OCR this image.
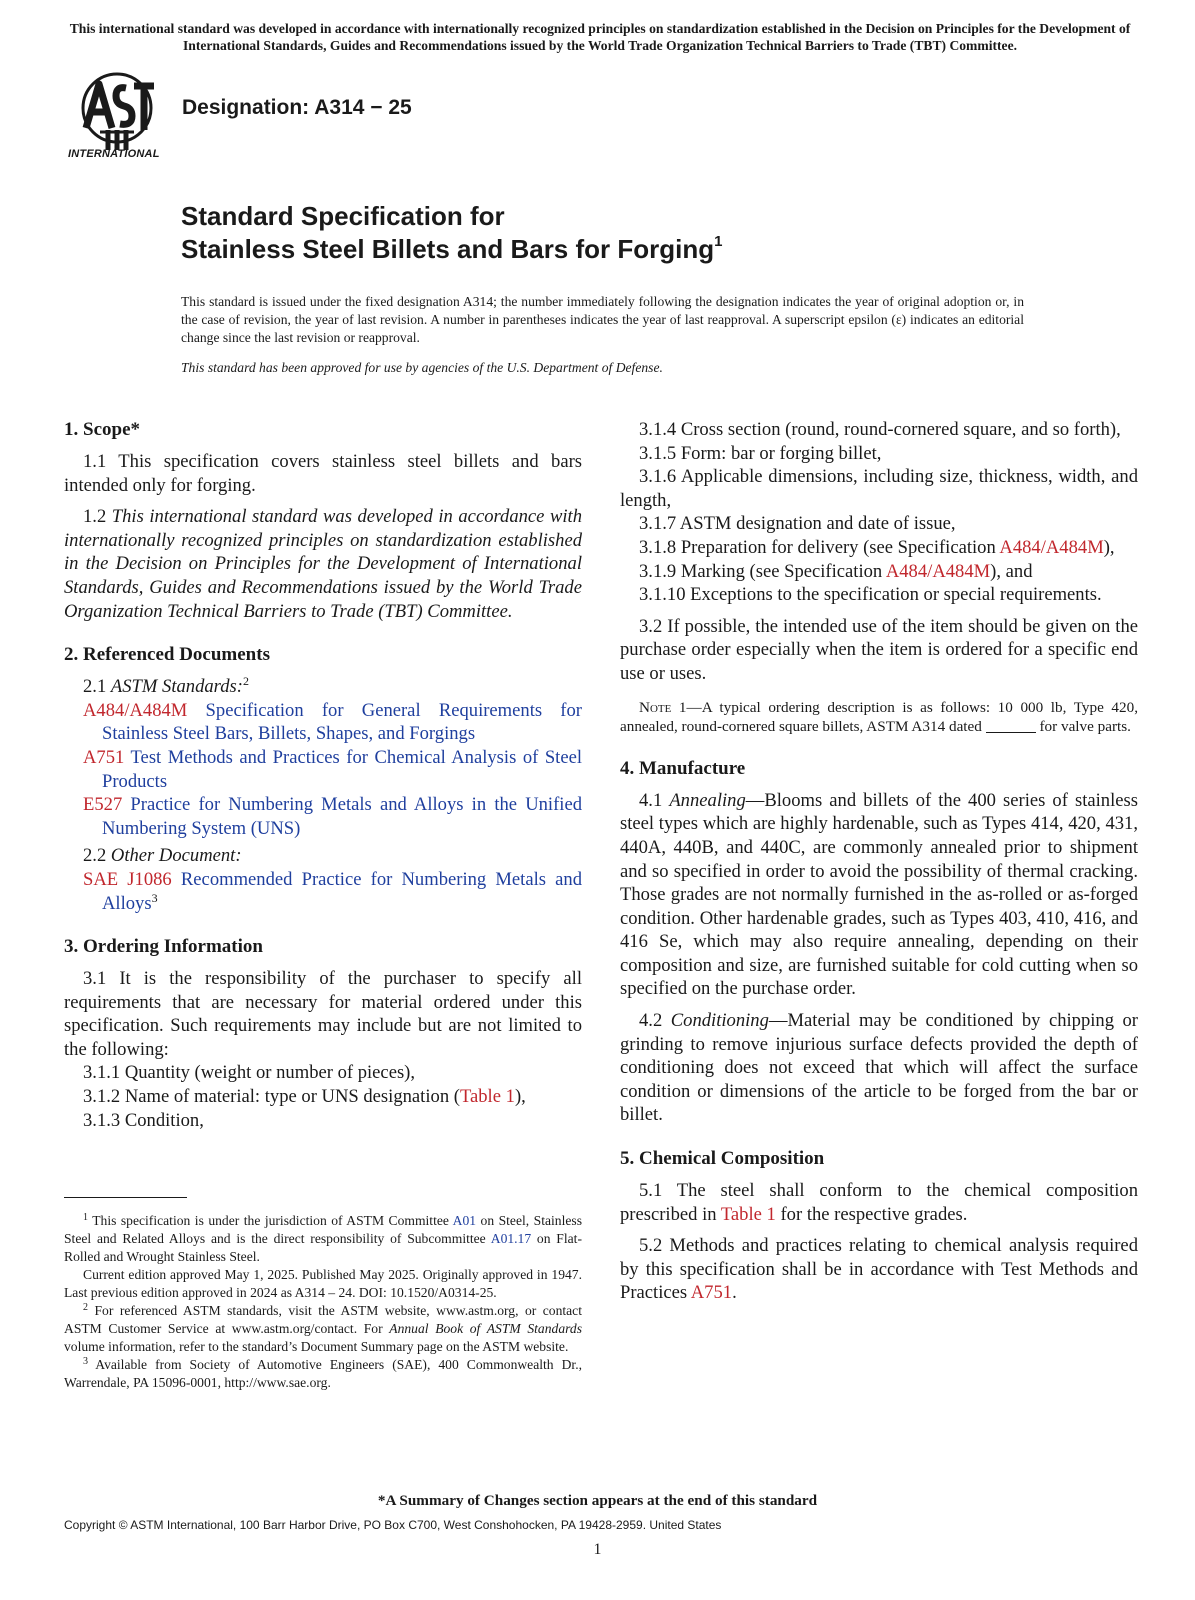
This international standard was developed in accordance with internationally recognized principles on standardization established in the Decision on Principles for the Development of International Standards, Guides and Recommendations issued by the World Trade Organization Technical Barriers to Trade (TBT) Committee.
INTERNATIONAL
Designation: A314 − 25
Standard Specification for
Stainless Steel Billets and Bars for Forging$^1$
This standard is issued under the fixed designation A314; the number immediately following the designation indicates the year of original adoption or, in the case of revision, the year of last revision. A number in parentheses indicates the year of last reapproval. A superscript epsilon (ε) indicates an editorial change since the last revision or reapproval.
This standard has been approved for use by agencies of the U.S. Department of Defense.
1. Scope*

1.1 This specification covers stainless steel billets and bars intended only for forging.

1.2 This international standard was developed in accordance with internationally recognized principles on standardization established in the Decision on Principles for the Development of International Standards, Guides and Recommendations issued by the World Trade Organization Technical Barriers to Trade (TBT) Committee.

2. Referenced Documents

2.1 ASTM Standards:$^2$

A484/A484M Specification for General Requirements for Stainless Steel Bars, Billets, Shapes, and Forgings

A751 Test Methods and Practices for Chemical Analysis of Steel Products

E527 Practice for Numbering Metals and Alloys in the Unified Numbering System (UNS)

2.2 Other Document:

SAE J1086 Recommended Practice for Numbering Metals and Alloys$^3$

3. Ordering Information

3.1 It is the responsibility of the purchaser to specify all requirements that are necessary for material ordered under this specification. Such requirements may include but are not limited to the following:

3.1.1 Quantity (weight or number of pieces),

3.1.2 Name of material: type or UNS designation (Table 1),

3.1.3 Condition,

3.1.4 Cross section (round, round-cornered square, and so forth),

3.1.5 Form: bar or forging billet,

3.1.6 Applicable dimensions, including size, thickness, width, and length,

3.1.7 ASTM designation and date of issue,

3.1.8 Preparation for delivery (see Specification A484/A484M),

3.1.9 Marking (see Specification A484/A484M), and

3.1.10 Exceptions to the specification or special requirements.

3.2 If possible, the intended use of the item should be given on the purchase order especially when the item is ordered for a specific end use or uses.

Note 1—A typical ordering description is as follows: 10 000 lb, Type 420, annealed, round-cornered square billets, ASTM A314 dated	for valve parts.

4. Manufacture

4.1 Annealing—Blooms and billets of the 400 series of stainless steel types which are highly hardenable, such as Types 414, 420, 431, 440A, 440B, and 440C, are commonly annealed prior to shipment and so specified in order to avoid the possibility of thermal cracking. Those grades are not normally furnished in the as-rolled or as-forged condition. Other hardenable grades, such as Types 403, 410, 416, and 416 Se, which may also require annealing, depending on their composition and size, are furnished suitable for cold cutting when so specified on the purchase order.

4.2 Conditioning—Material may be conditioned by chipping or grinding to remove injurious surface defects provided the depth of conditioning does not exceed that which will affect the surface condition or dimensions of the article to be forged from the bar or billet.

5. Chemical Composition

5.1 The steel shall conform to the chemical composition prescribed in Table 1 for the respective grades.

5.2 Methods and practices relating to chemical analysis required by this specification shall be in accordance with Test Methods and Practices A751.

$^1$ This specification is under the jurisdiction of ASTM Committee A01 on Steel, Stainless Steel and Related Alloys and is the direct responsibility of Subcommittee A01.17 on Flat-Rolled and Wrought Stainless Steel.

Current edition approved May 1, 2025. Published May 2025. Originally approved in 1947. Last previous edition approved in 2024 as A314 – 24. DOI: 10.1520/A0314-25.

$^2$ For referenced ASTM standards, visit the ASTM website, www.astm.org, or contact ASTM Customer Service at www.astm.org/contact. For Annual Book of ASTM Standards volume information, refer to the standard’s Document Summary page on the ASTM website.

$^3$ Available from Society of Automotive Engineers (SAE), 400 Commonwealth Dr., Warrendale, PA 15096-0001, http://www.sae.org.

*A Summary of Changes section appears at the end of this standard
Copyright © ASTM International, 100 Barr Harbor Drive, PO Box C700, West Conshohocken, PA 19428-2959. United States
1
